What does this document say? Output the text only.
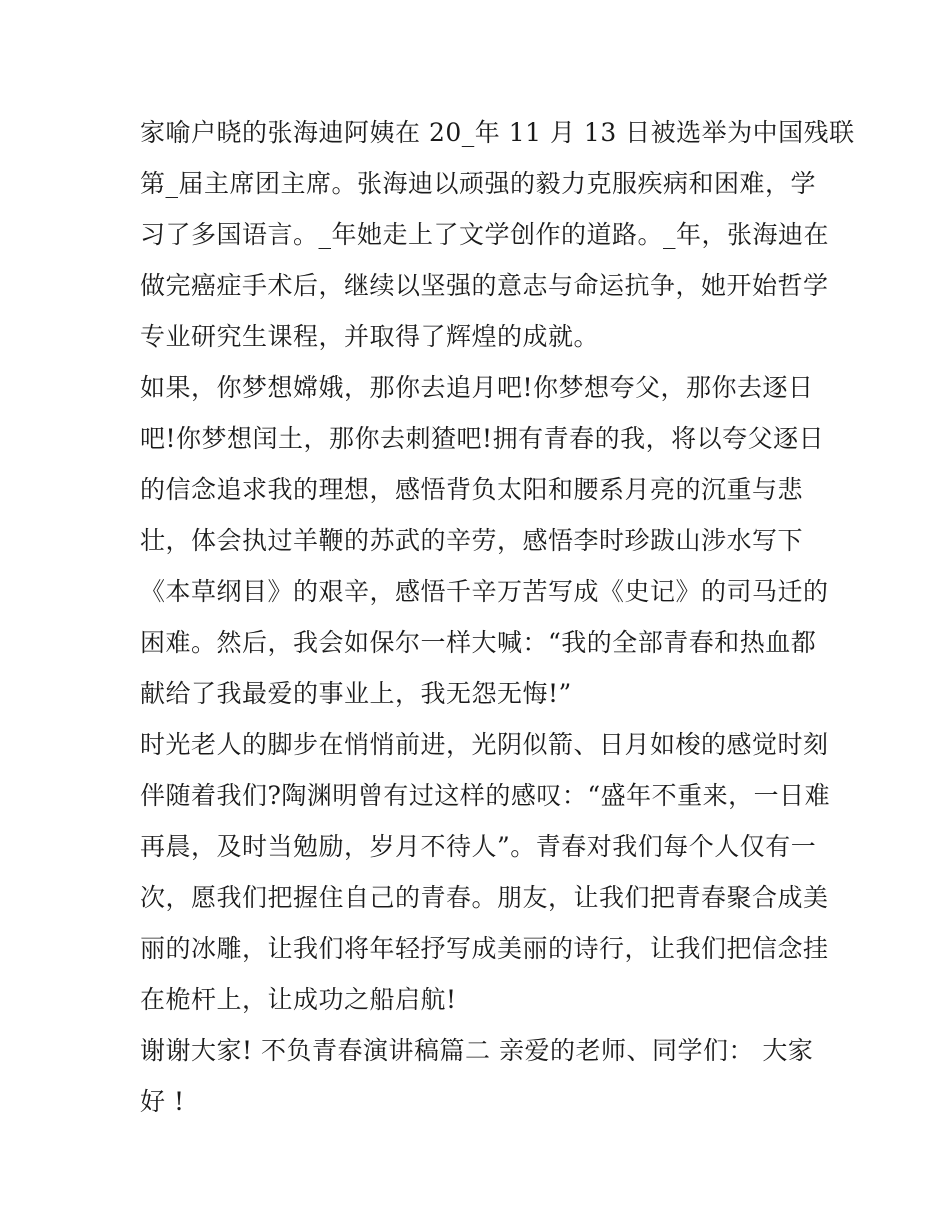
家喻户晓的张海迪阿姨在 20_年 11 月 13 日被选举为中国残联
第_届主席团主席。张海迪以顽强的毅力克服疾病和困难，学
习了多国语言。_年她走上了文学创作的道路。_年，张海迪在
做完癌症手术后，继续以坚强的意志与命运抗争，她开始哲学
专业研究生课程，并取得了辉煌的成就。
如果，你梦想嫦娥，那你去追月吧!你梦想夸父，那你去逐日
吧!你梦想闰土，那你去刺猹吧!拥有青春的我，将以夸父逐日
的信念追求我的理想，感悟背负太阳和腰系月亮的沉重与悲
壮，体会执过羊鞭的苏武的辛劳，感悟李时珍跋山涉水写下
《本草纲目》的艰辛，感悟千辛万苦写成《史记》的司马迁的
困难。然后，我会如保尔一样大喊：“我的全部青春和热血都
献给了我最爱的事业上，我无怨无悔!”
时光老人的脚步在悄悄前进，光阴似箭、日月如梭的感觉时刻
伴随着我们?陶渊明曾有过这样的感叹：“盛年不重来，一日难
再晨，及时当勉励，岁月不待人”。青春对我们每个人仅有一
次，愿我们把握住自己的青春。朋友，让我们把青春聚合成美
丽的冰雕，让我们将年轻抒写成美丽的诗行，让我们把信念挂
在桅杆上，让成功之船启航!
谢谢大家! 不负青春演讲稿篇二 亲爱的老师、同学们： 大家
好 !
